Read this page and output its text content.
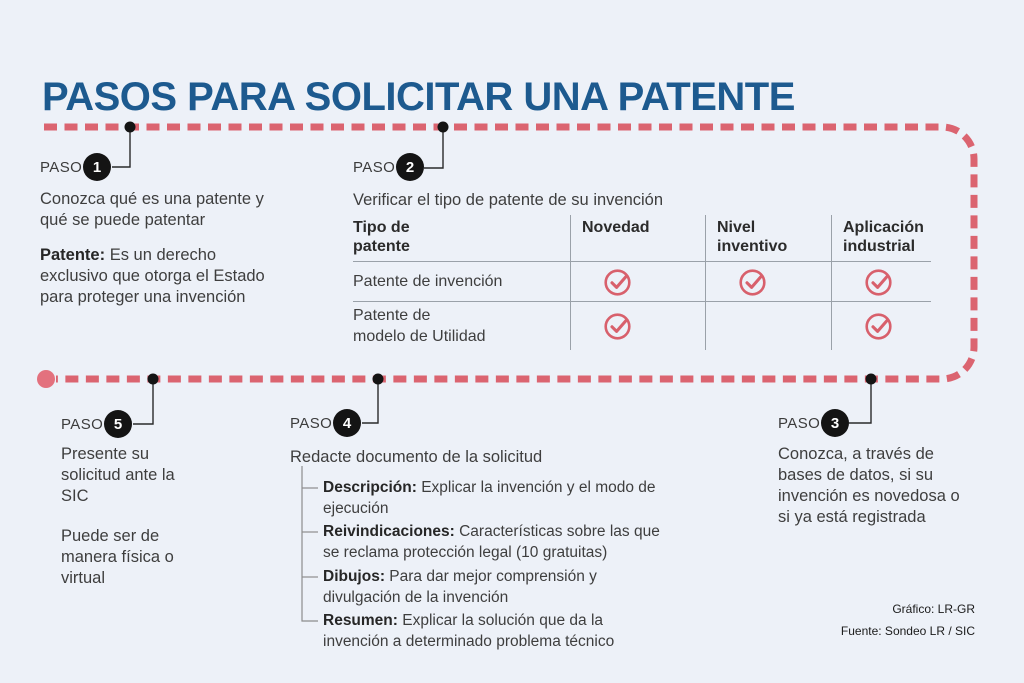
PASOS PARA SOLICITAR UNA PATENTE
PASO 1

Conozca qué es una patente y qué se puede patentar

Patente: Es un derecho exclusivo que otorga el Estado para proteger una invención

PASO 2
Verificar el tipo de patente de su invención
Tipo de
patente
Novedad	Nivel
inventivo
Aplicación
industrial
Patente de invención
Patente de
modelo de Utilidad
PASO 5
Presente su solicitud ante la SIC
Puede ser de manera física o virtual
PASO 4
Redacte documento de la solicitud
Descripción: Explicar la invención y el modo de ejecución
Reivindicaciones: Características sobre las que se reclama protección legal (10 gratuitas)
Dibujos: Para dar mejor comprensión y divulgación de la invención
Resumen: Explicar la solución que da la invención a determinado problema técnico
PASO 3
Conozca, a través de bases de datos, si su invención es novedosa o si ya está registrada
Gráfico: LR-GR
Fuente: Sondeo LR / SIC
